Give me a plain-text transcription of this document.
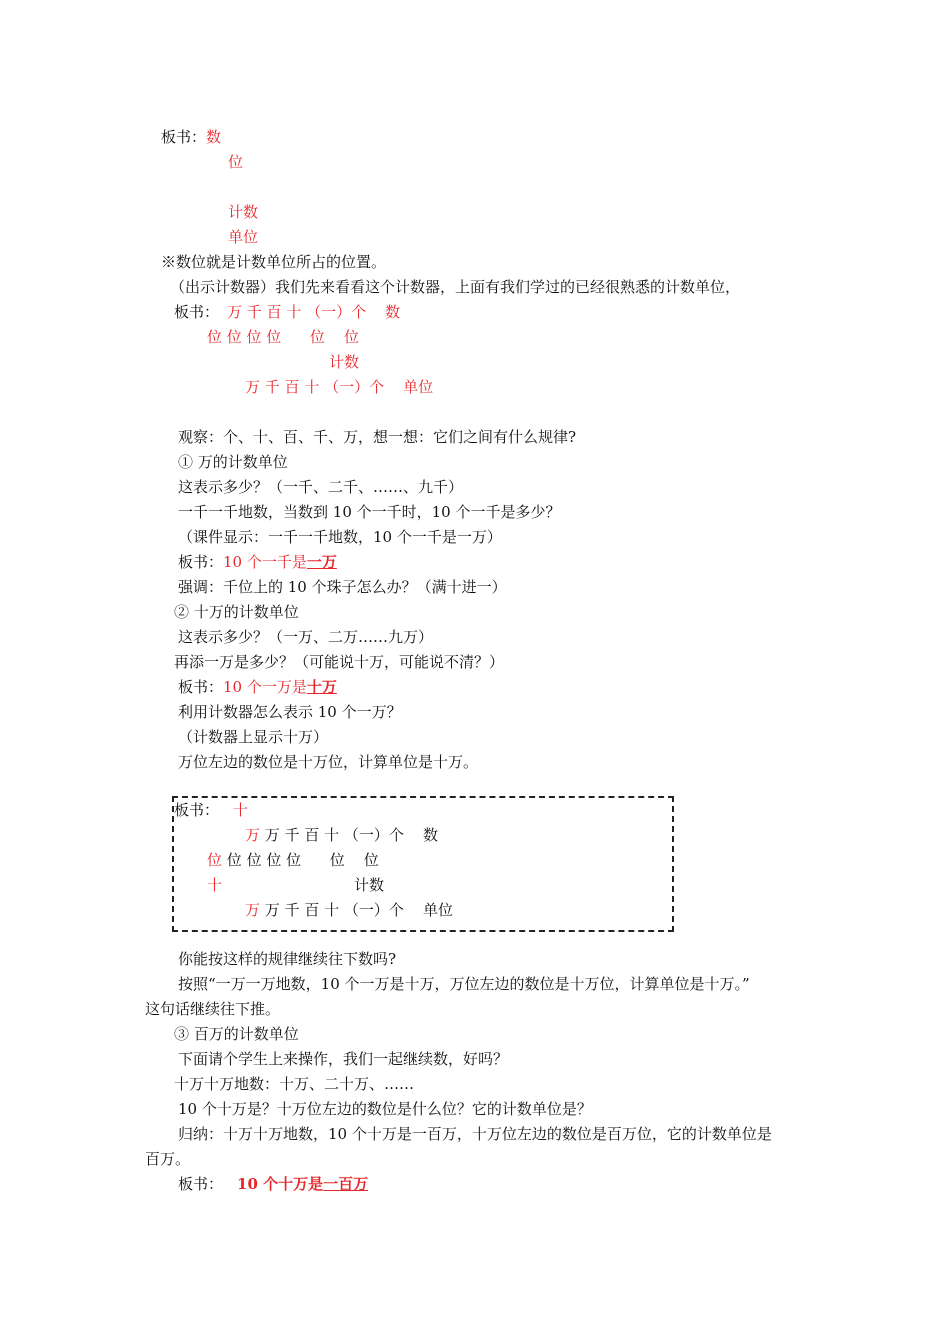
板书：数
位
计数
单位
※数位就是计数单位所占的位置。
（出示计数器）我们先来看看这个计数器，上面有我们学过的已经很熟悉的计数单位，
板书： 万 千 百 十 （一）个    数
位 位 位 位      位    位
计数
万 千 百 十 （一）个    单位
观察：个、十、百、千、万，想一想：它们之间有什么规律?
① 万的计数单位
这表示多少？（一千、二千、……、九千）
一千一千地数，当数到 10 个一千时，10 个一千是多少？
（课件显示：一千一千地数，10 个一千是一万）
板书：10 个一千是一万
强调：千位上的 10 个珠子怎么办？（满十进一）
② 十万的计数单位
这表示多少？（一万、二万……九万）
再添一万是多少？（可能说十万，可能说不清？）
板书：10 个一万是十万
利用计数器怎么表示 10 个一万？
（计数器上显示十万）
万位左边的数位是十万位，计算单位是十万。
板书： 十
万 万 千 百 十 （一）个    数
位 位 位 位 位      位    位
十	计数
万 万 千 百 十 （一）个    单位
你能按这样的规律继续往下数吗?
按照“一万一万地数，10 个一万是十万，万位左边的数位是十万位，计算单位是十万。”
这句话继续往下推。
③ 百万的计数单位
下面请个学生上来操作，我们一起继续数，好吗？
十万十万地数：十万、二十万、……
10 个十万是？十万位左边的数位是什么位？它的计数单位是？
归纳：十万十万地数，10 个十万是一百万，十万位左边的数位是百万位，它的计数单位是
百万。
板书： 10 个十万是一百万
